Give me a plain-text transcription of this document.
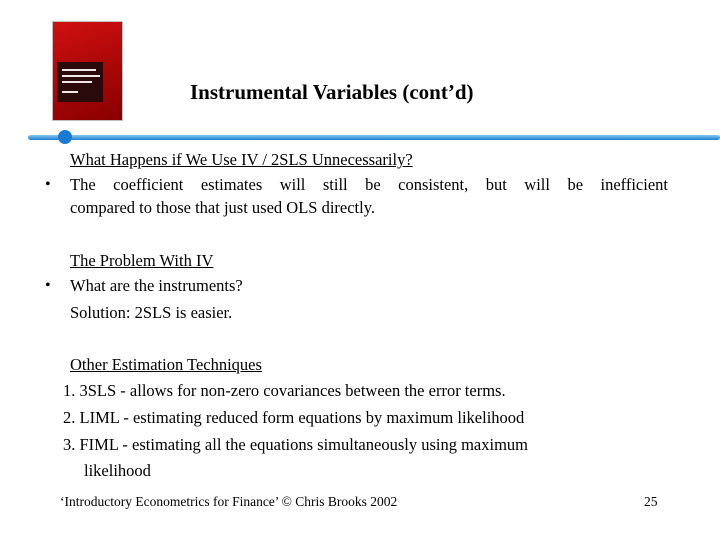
Instrumental Variables (cont’d)
What Happens if We Use IV / 2SLS Unnecessarily?
• The coefficient estimates will still be consistent, but will be inefficient
compared to those that just used OLS directly.
The Problem With IV
• What are the instruments?
Solution: 2SLS is easier.
Other Estimation Techniques
1. 3SLS - allows for non-zero covariances between the error terms.
2. LIML - estimating reduced form equations by maximum likelihood
3. FIML - estimating all the equations simultaneously using maximum
likelihood
‘Introductory Econometrics for Finance’ © Chris Brooks 2002	25
